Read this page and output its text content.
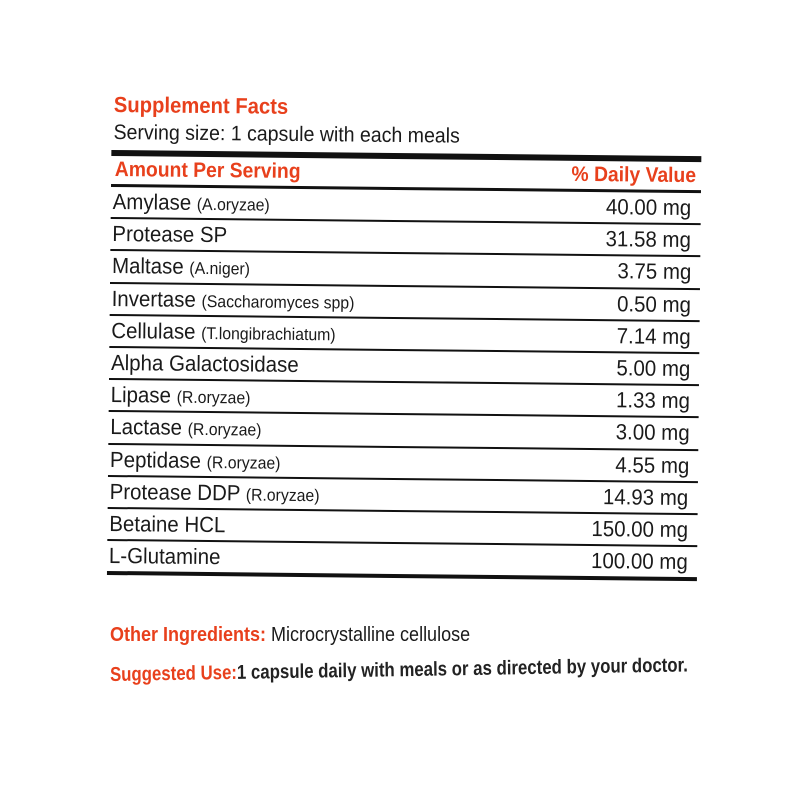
Supplement Facts
Serving size: 1 capsule with each meals
Amount Per Serving	% Daily Value
Amylase (A.oryzae)	40.00 mg
Protease SP	31.58 mg
Maltase (A.niger)	3.75 mg
Invertase (Saccharomyces spp)	0.50 mg
Cellulase (T.longibrachiatum)	7.14 mg
Alpha Galactosidase	5.00 mg
Lipase (R.oryzae)	1.33 mg
Lactase (R.oryzae)	3.00 mg
Peptidase (R.oryzae)	4.55 mg
Protease DDP (R.oryzae)	14.93 mg
Betaine HCL	150.00 mg
L-Glutamine	100.00 mg
Other Ingredients: Microcrystalline cellulose
Suggested Use:1 capsule daily with meals or as directed by your doctor.
